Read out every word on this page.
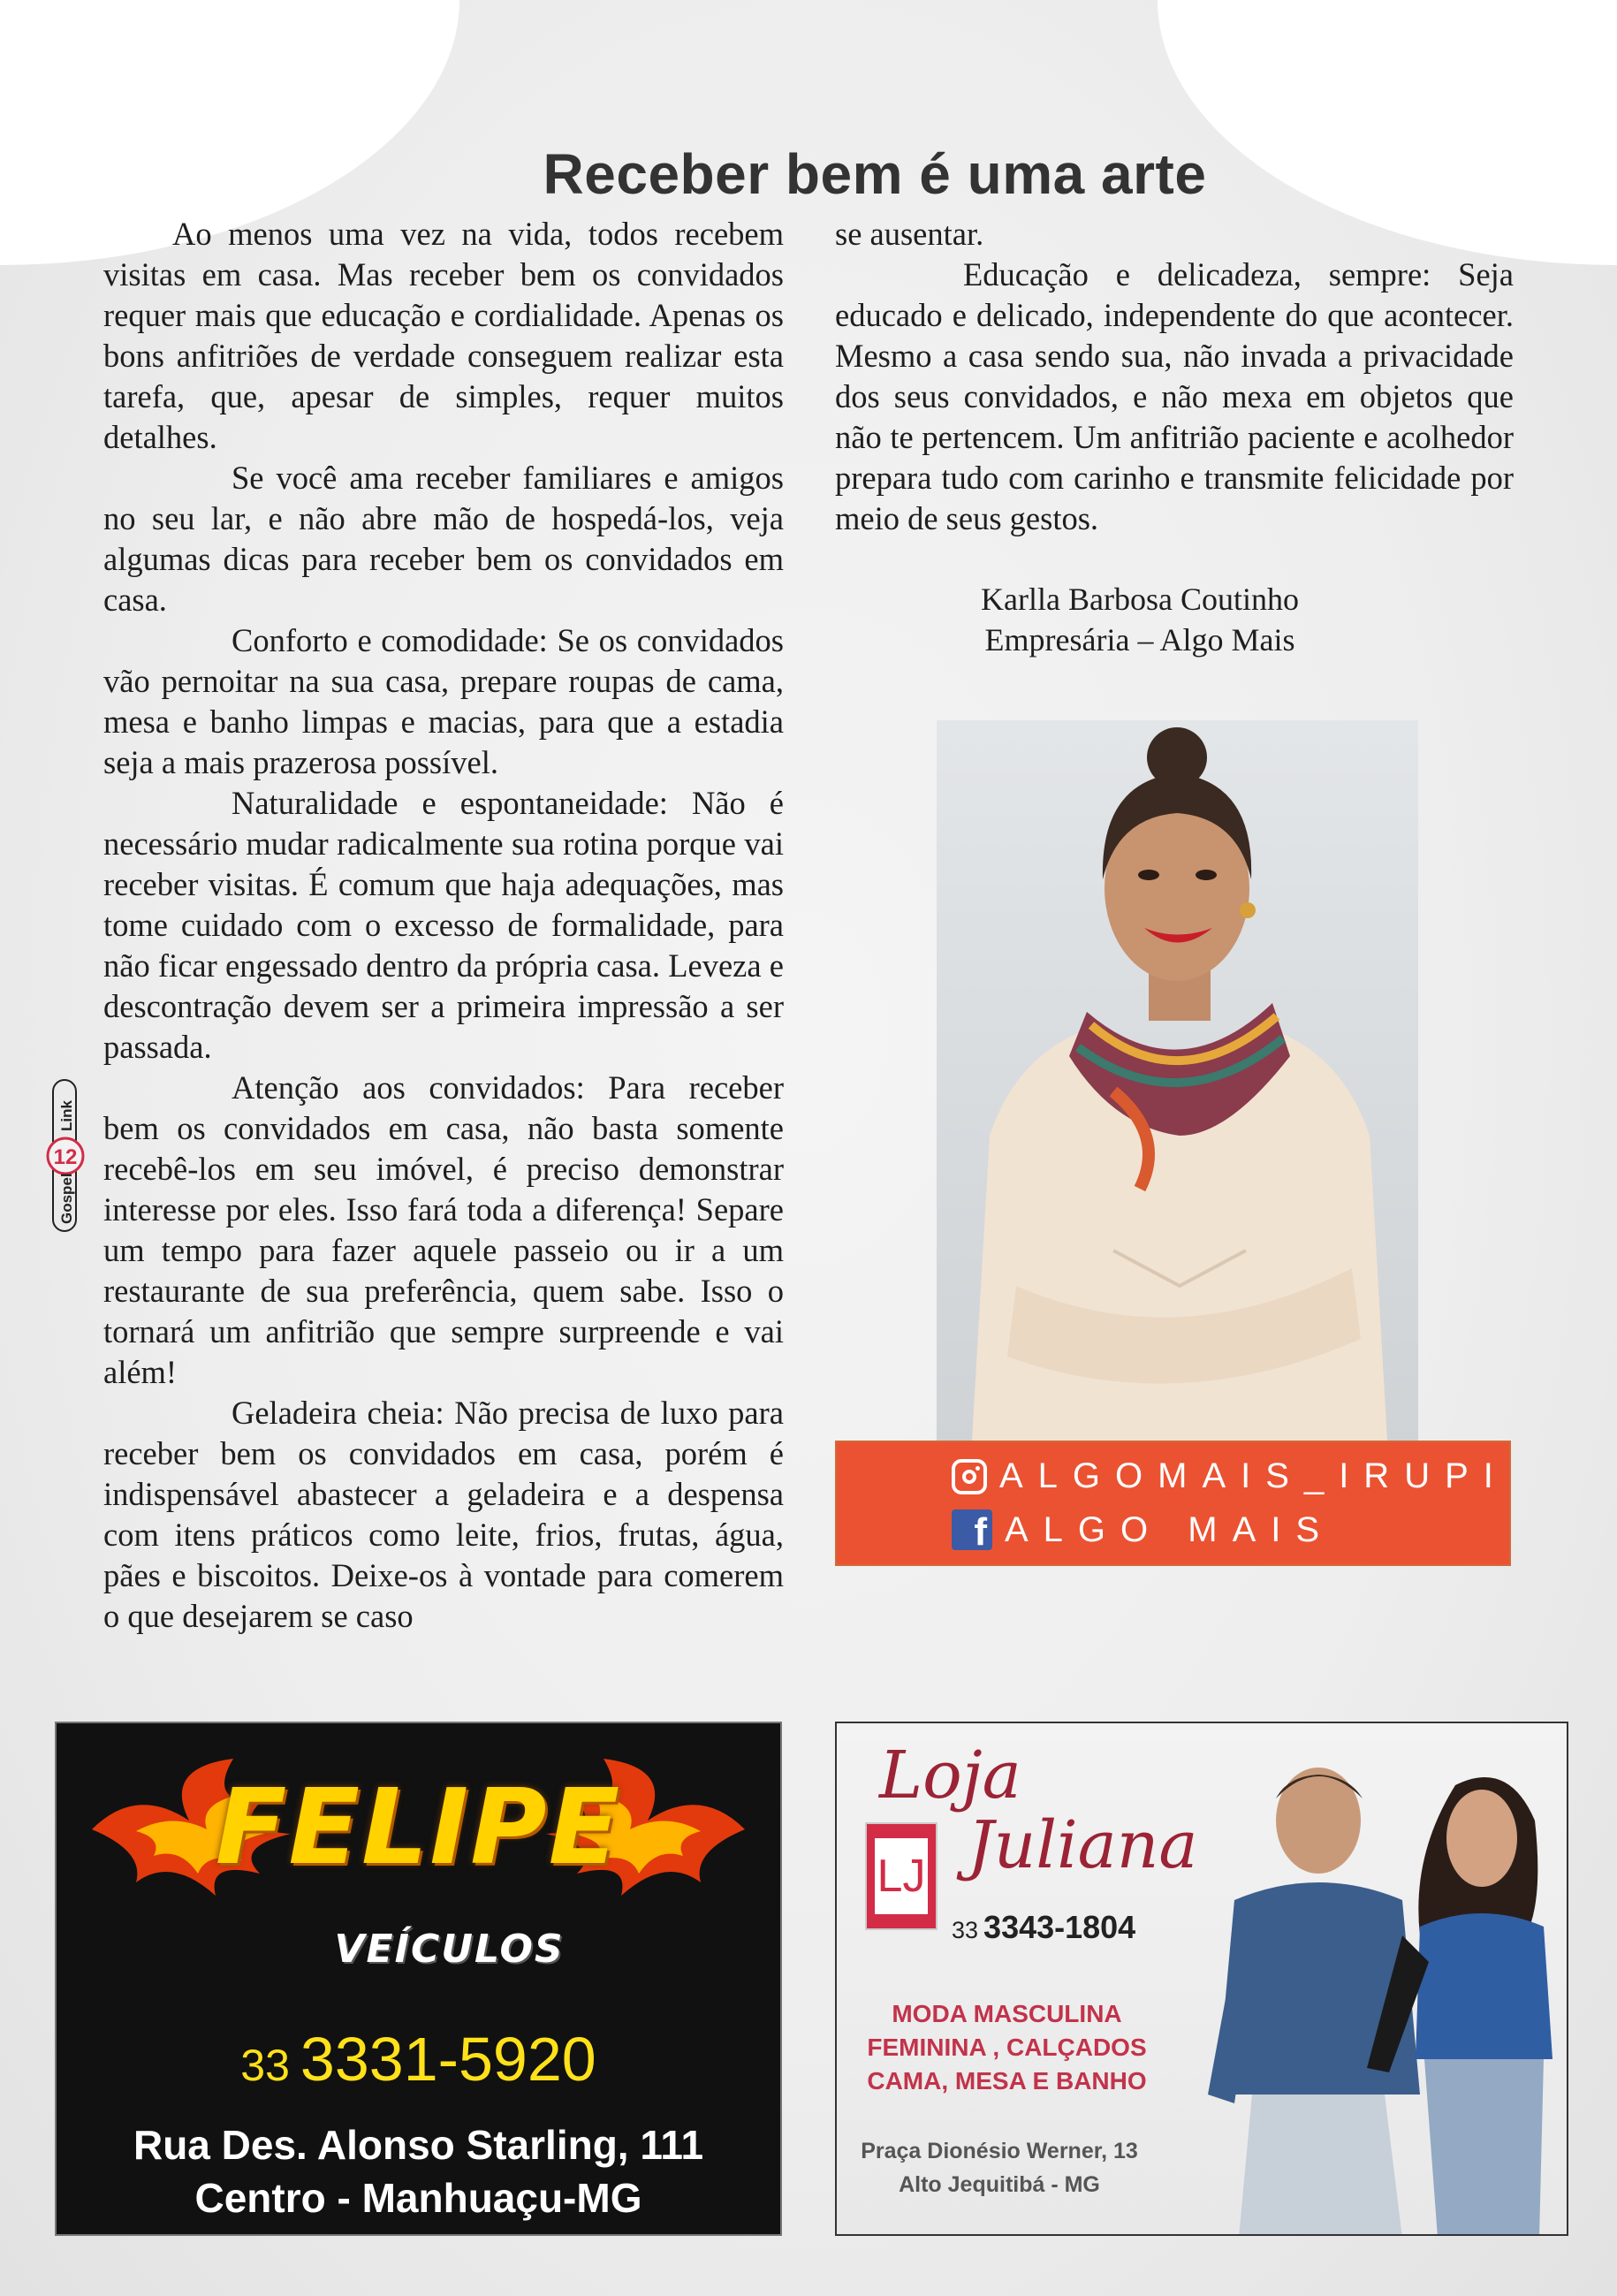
Receber bem é uma arte

Ao menos uma vez na vida, todos recebem visitas em casa. Mas receber bem os convidados requer mais que educação e cordialidade. Apenas os bons anfitriões de verdade conseguem realizar esta tarefa, que, apesar de simples, requer muitos detalhes.

Se você ama receber familiares e amigos no seu lar, e não abre mão de hospedá-los, veja algumas dicas para receber bem os convidados em casa.

Conforto e comodidade: Se os convidados vão pernoitar na sua casa, prepare roupas de cama, mesa e banho limpas e macias, para que a estadia seja a mais prazerosa possível.

Naturalidade e espontaneidade: Não é necessário mudar radicalmente sua rotina porque vai receber visitas. É comum que haja adequações, mas tome cuidado com o excesso de formalidade, para não ficar engessado dentro da própria casa. Leveza e descontração devem ser a primeira impressão a ser passada.

Atenção aos convidados: Para receber bem os convidados em casa, não basta somente recebê-los em seu imóvel, é preciso demonstrar interesse por eles. Isso fará toda a diferença! Separe um tempo para fazer aquele passeio ou ir a um restaurante de sua preferência, quem sabe. Isso o tornará um anfitrião que sempre surpreende e vai além!

Geladeira cheia: Não precisa de luxo para receber bem os convidados em casa, porém é indispensável abastecer a geladeira e a despensa com itens práticos como leite, frios, frutas, água, pães e biscoitos. Deixe-os à vontade para comerem o que desejarem se caso

se ausentar.

Educação e delicadeza, sempre: Seja educado e delicado, independente do que acontecer. Mesmo a casa sendo sua, não invada a privacidade dos seus convidados, e não mexa em objetos que não te pertencem. Um anfitrião paciente e acolhedor prepara tudo com carinho e transmite felicidade por meio de seus gestos.

Karlla Barbosa Coutinho
Empresária – Algo Mais
ALGOMAIS_IRUPI
f ALGO MAIS
12
Link
Gospel
FELIPE
VEÍCULOS
33 3331-5920
Rua Des. Alonso Starling, 111
Centro - Manhuaçu-MG
Loja
LJ Juliana
33 3343-1804
MODA MASCULINA
FEMININA , CALÇADOS
CAMA, MESA E BANHO
Praça Dionésio Werner, 13
Alto Jequitibá - MG
